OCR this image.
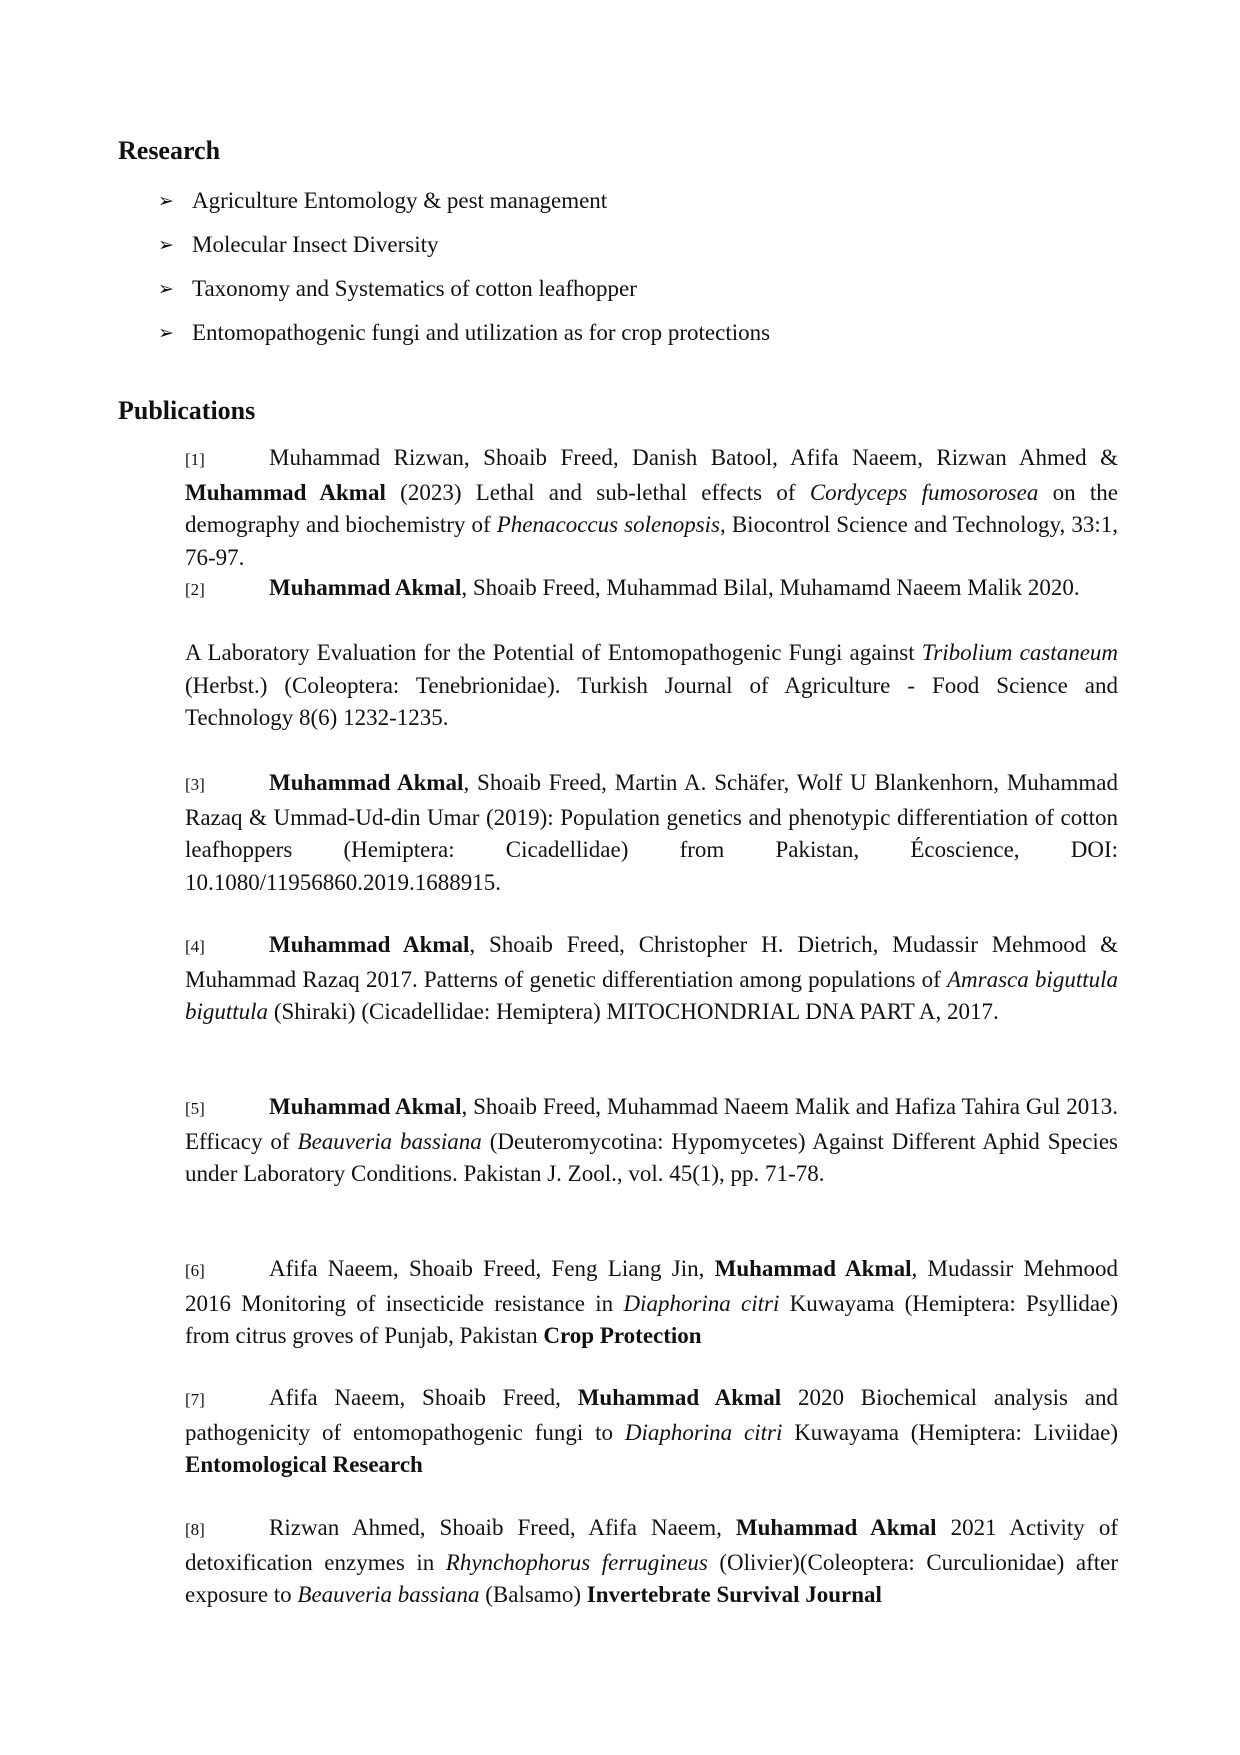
Research
➢ Agriculture Entomology & pest management
➢ Molecular Insect Diversity
➢ Taxonomy and Systematics of cotton leafhopper
➢ Entomopathogenic fungi and utilization as for crop protections
Publications

[1]	Muhammad Rizwan, Shoaib Freed, Danish Batool, Afifa Naeem, Rizwan Ahmed & Muhammad Akmal (2023) Lethal and sub-lethal effects of Cordyceps fumosorosea on the demography and biochemistry of Phenacoccus solenopsis, Biocontrol Science and Technology, 33:1, 76-97.

[2]	Muhammad Akmal, Shoaib Freed, Muhammad Bilal, Muhamamd Naeem Malik 2020.

A Laboratory Evaluation for the Potential of Entomopathogenic Fungi against Tribolium castaneum (Herbst.) (Coleoptera: Tenebrionidae). Turkish Journal of Agriculture - Food Science and Technology 8(6) 1232-1235.

[3]	Muhammad Akmal, Shoaib Freed, Martin A. Schäfer, Wolf U Blankenhorn, Muhammad Razaq & Ummad-Ud-din Umar (2019): Population genetics and phenotypic differentiation of cotton leafhoppers (Hemiptera: Cicadellidae) from Pakistan, Écoscience, DOI: 10.1080/11956860.2019.1688915.

[4]	Muhammad Akmal, Shoaib Freed, Christopher H. Dietrich, Mudassir Mehmood & Muhammad Razaq 2017. Patterns of genetic differentiation among populations of Amrasca biguttula biguttula (Shiraki) (Cicadellidae: Hemiptera) MITOCHONDRIAL DNA PART A, 2017.

[5]	Muhammad Akmal, Shoaib Freed, Muhammad Naeem Malik and Hafiza Tahira Gul 2013. Efficacy of Beauveria bassiana (Deuteromycotina: Hypomycetes) Against Different Aphid Species under Laboratory Conditions. Pakistan J. Zool., vol. 45(1), pp. 71-78.

[6]	Afifa Naeem, Shoaib Freed, Feng Liang Jin, Muhammad Akmal, Mudassir Mehmood 2016 Monitoring of insecticide resistance in Diaphorina citri Kuwayama (Hemiptera: Psyllidae) from citrus groves of Punjab, Pakistan Crop Protection

[7]	Afifa Naeem, Shoaib Freed, Muhammad Akmal 2020 Biochemical analysis and pathogenicity of entomopathogenic fungi to Diaphorina citri Kuwayama (Hemiptera: Liviidae) Entomological Research

[8]	Rizwan Ahmed, Shoaib Freed, Afifa Naeem, Muhammad Akmal 2021 Activity of detoxification enzymes in Rhynchophorus ferrugineus (Olivier)(Coleoptera: Curculionidae) after exposure to Beauveria bassiana (Balsamo) Invertebrate Survival Journal
